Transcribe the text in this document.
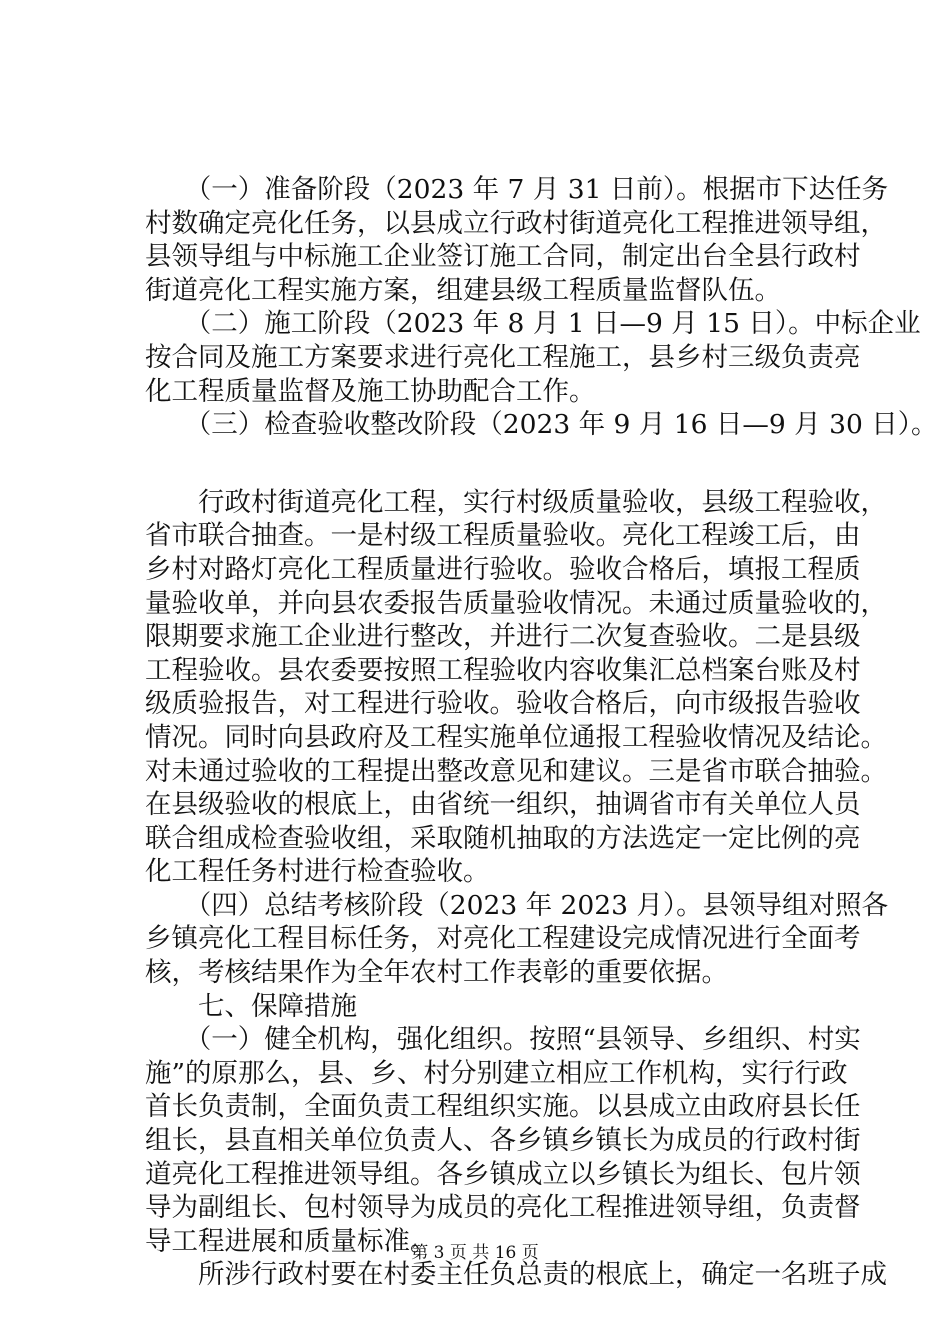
　　（一）准备阶段（2023 年 7 月 31 日前）。根据市下达任务
村数确定亮化任务，以县成立行政村街道亮化工程推进领导组，
县领导组与中标施工企业签订施工合同，制定出台全县行政村
街道亮化工程实施方案，组建县级工程质量监督队伍。

　　（二）施工阶段（2023 年 8 月 1 日—9 月 15 日）。中标企业
按合同及施工方案要求进行亮化工程施工，县乡村三级负责亮
化工程质量监督及施工协助配合工作。

　　（三）检查验收整改阶段（2023 年 9 月 16 日—9 月 30 日）。

　　行政村街道亮化工程，实行村级质量验收，县级工程验收，
省市联合抽查。一是村级工程质量验收。亮化工程竣工后，由
乡村对路灯亮化工程质量进行验收。验收合格后，填报工程质
量验收单，并向县农委报告质量验收情况。未通过质量验收的，
限期要求施工企业进行整改，并进行二次复查验收。二是县级
工程验收。县农委要按照工程验收内容收集汇总档案台账及村
级质验报告，对工程进行验收。验收合格后，向市级报告验收
情况。同时向县政府及工程实施单位通报工程验收情况及结论。
对未通过验收的工程提出整改意见和建议。三是省市联合抽验。
在县级验收的根底上，由省统一组织，抽调省市有关单位人员
联合组成检查验收组，采取随机抽取的方法选定一定比例的亮
化工程任务村进行检查验收。

　　（四）总结考核阶段（2023 年 2023 月）。县领导组对照各
乡镇亮化工程目标任务，对亮化工程建设完成情况进行全面考
核，考核结果作为全年农村工作表彰的重要依据。

　　七、保障措施

　　（一）健全机构，强化组织。按照“县领导、乡组织、村实
施”的原那么，县、乡、村分别建立相应工作机构，实行行政
首长负责制，全面负责工程组织实施。以县成立由政府县长任
组长，县直相关单位负责人、各乡镇乡镇长为成员的行政村街
道亮化工程推进领导组。各乡镇成立以乡镇长为组长、包片领
导为副组长、包村领导为成员的亮化工程推进领导组，负责督
导工程进展和质量标准。

　　所涉行政村要在村委主任负总责的根底上，确定一名班子成

第 3 页 共 16 页
